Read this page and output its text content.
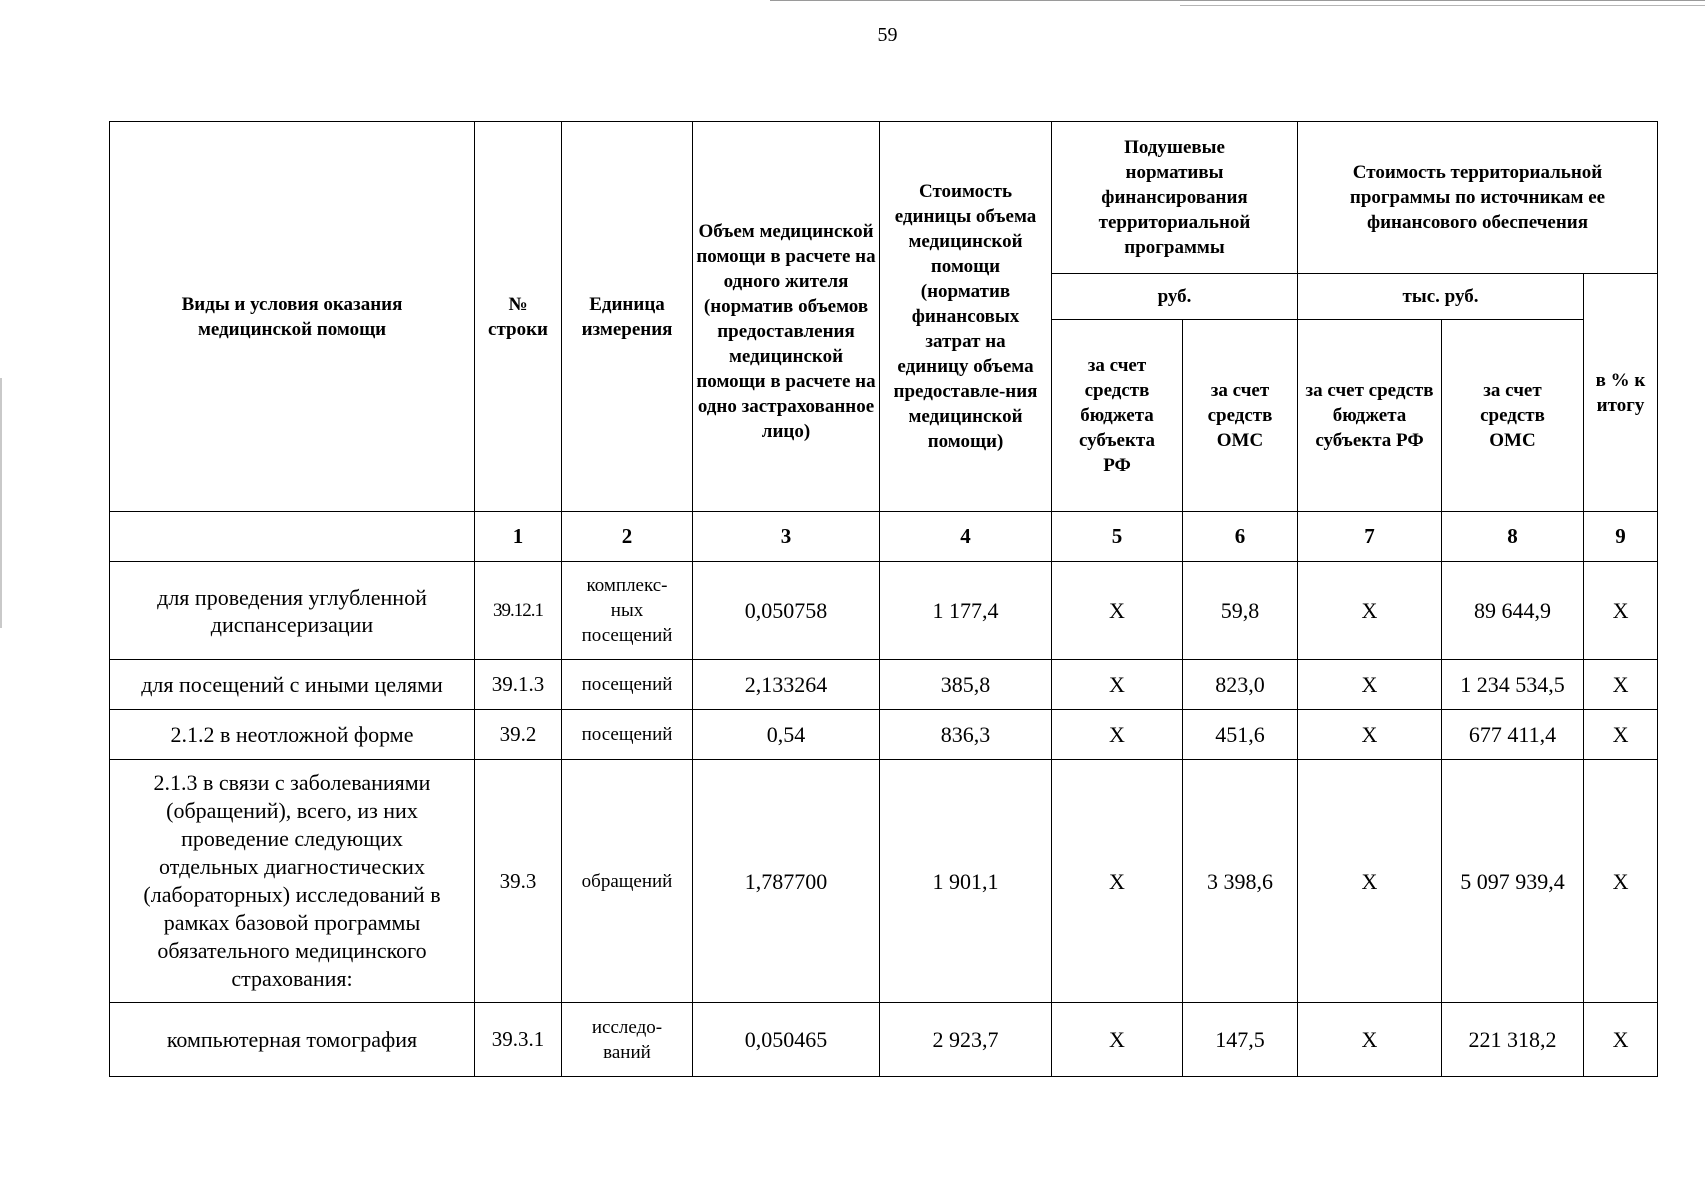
59
Виды и условия оказания медицинской помощи	№ строки	Единица измерения	Объем медицинской помощи в расчете на одного жителя (норматив объемов предоставления медицинской помощи в расчете на одно застрахованное лицо)	Стоимость единицы объема медицинской помощи (норматив финансовых затрат на единицу объема предоставле-ния медицинской помощи)	Подушевые нормативы финансирования территориальной программы		Стоимость территориальной программы по источникам ее финансового обеспечения		
					руб.		тыс. руб.		в % к итогу
					за счет средств бюджета субъекта РФ	за счет средств ОМС	за счет средств бюджета субъекта РФ	за счет средств ОМС	
	1	2	3	4	5	6	7	8	9
для проведения углубленной диспансеризации	39.12.1	комплекс-ных посещений	0,050758	1 177,4	X	59,8	X	89 644,9	X
для посещений с иными целями	39.1.3	посещений	2,133264	385,8	X	823,0	X	1 234 534,5	X
2.1.2 в неотложной форме	39.2	посещений	0,54	836,3	X	451,6	X	677 411,4	X
2.1.3 в связи с заболеваниями (обращений), всего, из них проведение следующих отдельных диагностических (лабораторных) исследований в рамках базовой программы обязательного медицинского страхования:	39.3	обращений	1,787700	1 901,1	X	3 398,6	X	5 097 939,4	X
компьютерная томография	39.3.1	исследо-ваний	0,050465	2 923,7	X	147,5	X	221 318,2	X
